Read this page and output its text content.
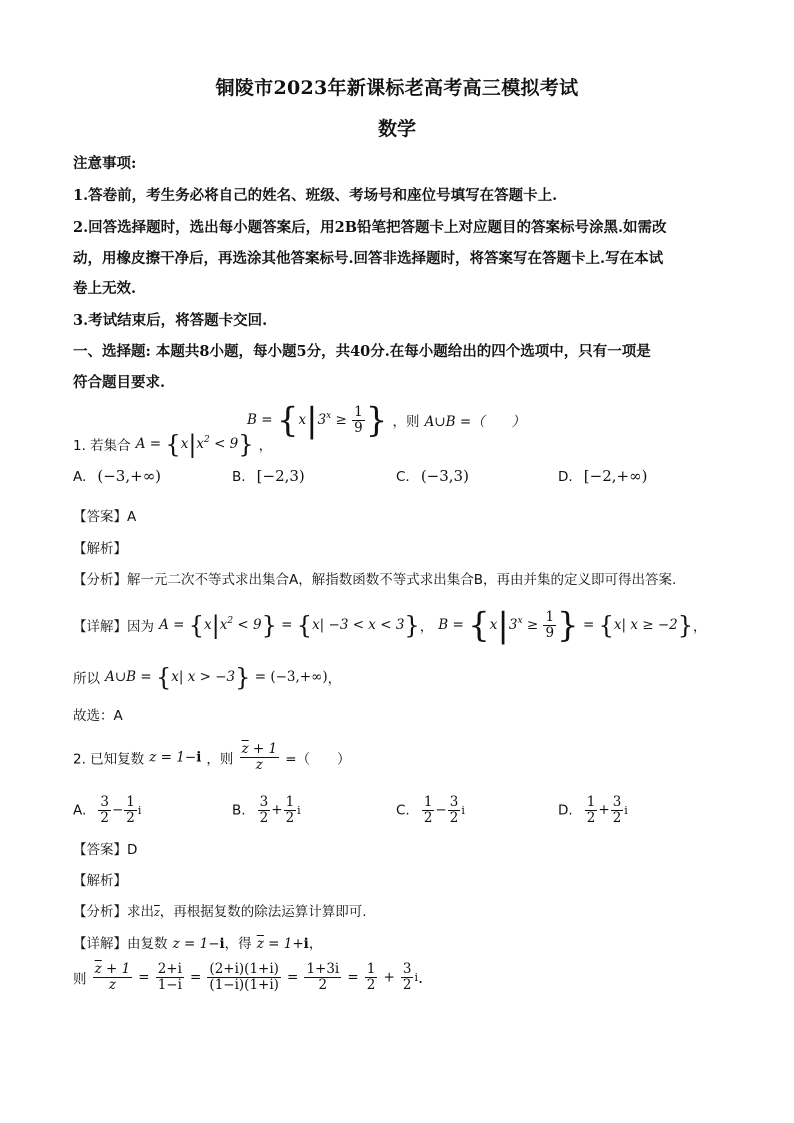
铜陵市2023年新课标老高考高三模拟考试
数学
注意事项:
1.答卷前，考生务必将自己的姓名、班级、考场号和座位号填写在答题卡上.
2.回答选择题时，选出每小题答案后，用2B铅笔把答题卡上对应题目的答案标号涂黑.如需改
动，用橡皮擦干净后，再选涂其他答案标号.回答非选择题时，将答案写在答题卡上.写在本试
卷上无效.
3.考试结束后，将答题卡交回.
一、选择题: 本题共8小题，每小题5分，共40分.在每小题给出的四个选项中，只有一项是
符合题目要求.
1. 若集合 $A = \{x|x^2 < 9\}$ ，
$B = \{x|3^x \ge \frac{1}{9}$ } ，则 A∪B =（　　）
A. (−3,+∞)	B. [−2,3)	C. (−3,3)	D. [−2,+∞)
【答案】A
【解析】
【分析】解一元二次不等式求出集合A，解指数函数不等式求出集合B，再由并集的定义即可得出答案.
【详解】因为 $A = \{x|x^2 < 9\} = \{x| -3 < x < 3\}$， $B = \{x|3^x \ge \frac{1}{9}$ } = {x| x ≥ −2}，
所以 A∪B = {x| x > −3} = (−3,+∞)，
故选：A
2. 已知复数 z = 1−i ，则 $\frac{\overline{z} + 1}{z}$ =（　　）
A. $\frac{3}{2} - \frac{1}{2}$ i	B. $\frac{3}{2} + \frac{1}{2}$ i	C. $\frac{1}{2} - \frac{3}{2}$ i	D. $\frac{1}{2} + \frac{3}{2}$ i
【答案】D
【解析】
【分析】求出$\overline{z}$，再根据复数的除法运算计算即可.
【详解】由复数 z = 1−i，得 $\overline{z} = 1+i$，
则 $\frac{\overline{z} + 1}{z} = \frac{2+i}{1-i} = \frac{(2+i)(1+i)}{(1-i)(1+i)} = \frac{1+3i}{2} = \frac{1}{2} + \frac{3}{2} i$.
